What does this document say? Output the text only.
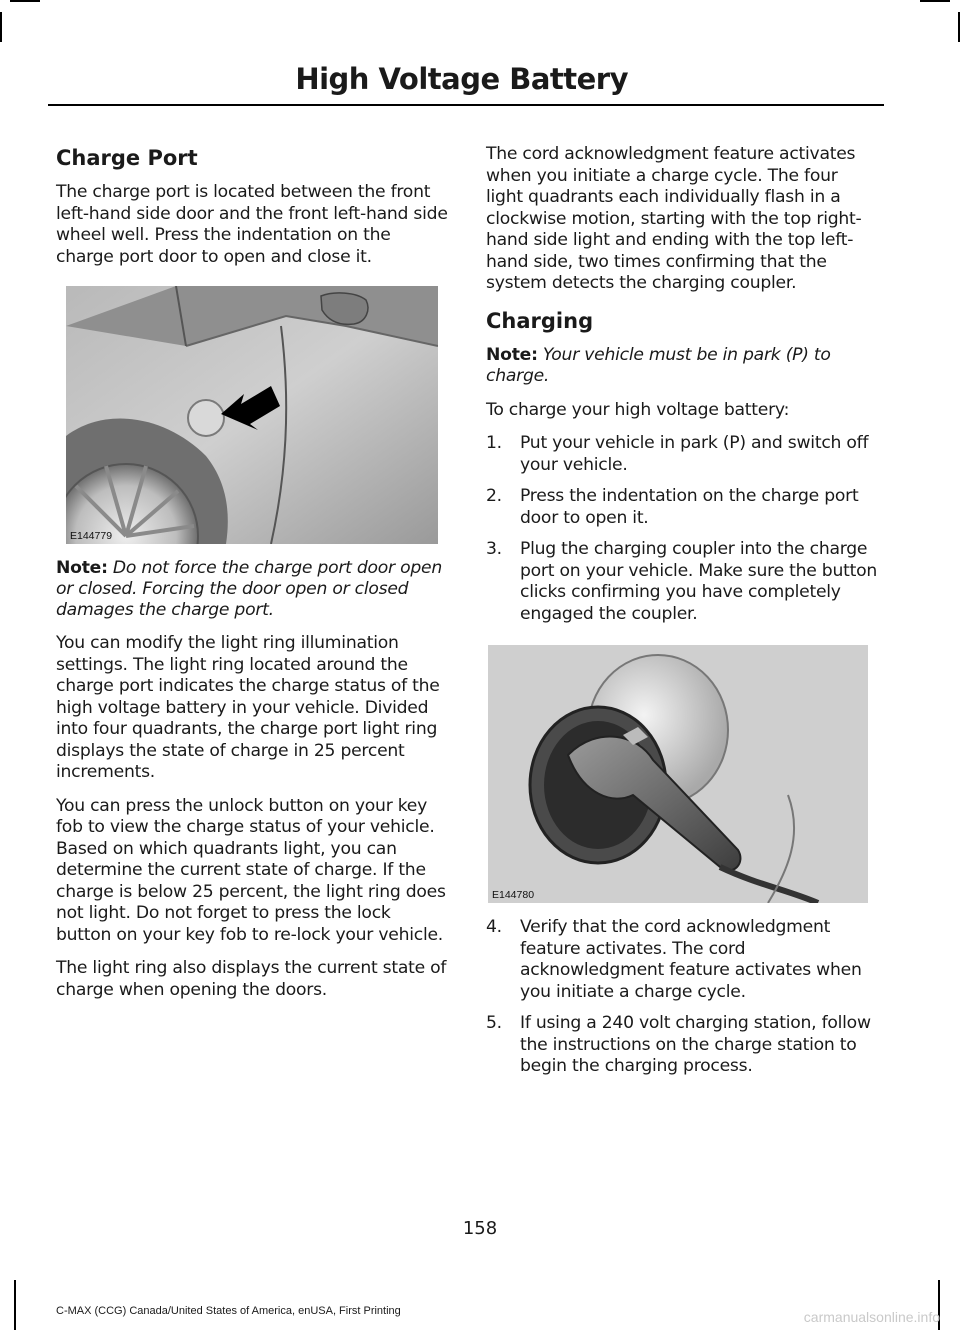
High Voltage Battery
Charge Port

The charge port is located between the front left-hand side door and the front left-hand side wheel well. Press the indentation on the charge port door to open and close it.

E144779

Note: Do not force the charge port door open or closed. Forcing the door open or closed damages the charge port.

You can modify the light ring illumination settings. The light ring located around the charge port indicates the charge status of the high voltage battery in your vehicle. Divided into four quadrants, the charge port light ring displays the state of charge in 25 percent increments.

You can press the unlock button on your key fob to view the charge status of your vehicle. Based on which quadrants light, you can determine the current state of charge. If the charge is below 25 percent, the light ring does not light. Do not forget to press the lock button on your key fob to re-lock your vehicle.

The light ring also displays the current state of charge when opening the doors.

The cord acknowledgment feature activates when you initiate a charge cycle. The four light quadrants each individually flash in a clockwise motion, starting with the top right-hand side light and ending with the top left-hand side, two times confirming that the system detects the charging coupler.

Charging

Note: Your vehicle must be in park (P) to charge.

To charge your high voltage battery:

1. Put your vehicle in park (P) and switch off your vehicle.
2. Press the indentation on the charge port door to open it.
3. Plug the charging coupler into the charge port on your vehicle. Make sure the button clicks confirming you have completely engaged the coupler.
E144780
4. Verify that the cord acknowledgment feature activates. The cord acknowledgment feature activates when you initiate a charge cycle.
5. If using a 240 volt charging station, follow the instructions on the charge station to begin the charging process.
158
C-MAX (CCG) Canada/United States of America, enUSA, First Printing	carmanualsonline.info
